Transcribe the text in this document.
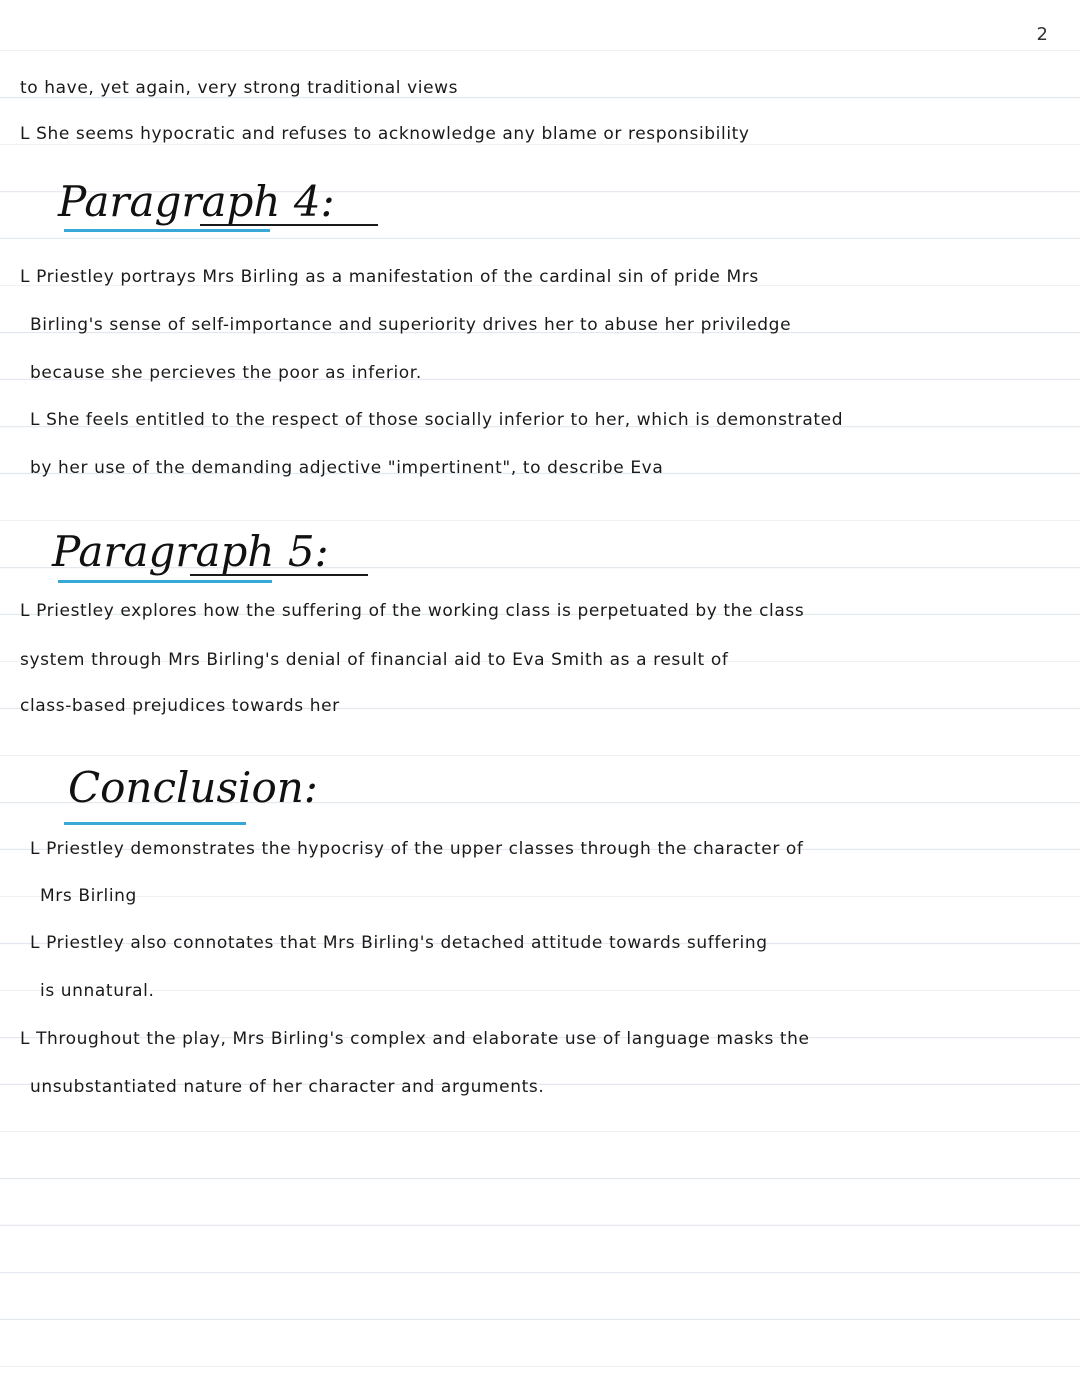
2
to have, yet again, very strong traditional views
L She seems hypocratic and refuses to acknowledge any blame or responsibility
Paragraph 4:
L Priestley portrays Mrs Birling as a manifestation of the cardinal sin of pride Mrs
Birling's sense of self-importance and superiority drives her to abuse her priviledge
because she percieves the poor as inferior.
L She feels entitled to the respect of those socially inferior to her, which is demonstrated
by her use of the demanding adjective "impertinent", to describe Eva
Paragraph 5:
L Priestley explores how the suffering of the working class is perpetuated by the class
system through Mrs Birling's denial of financial aid to Eva Smith as a result of
class-based prejudices towards her
Conclusion:
L Priestley demonstrates the hypocrisy of the upper classes through the character of
Mrs Birling
L Priestley also connotates that Mrs Birling's detached attitude towards suffering
is unnatural.
L Throughout the play, Mrs Birling's complex and elaborate use of language masks the
unsubstantiated nature of her character and arguments.
